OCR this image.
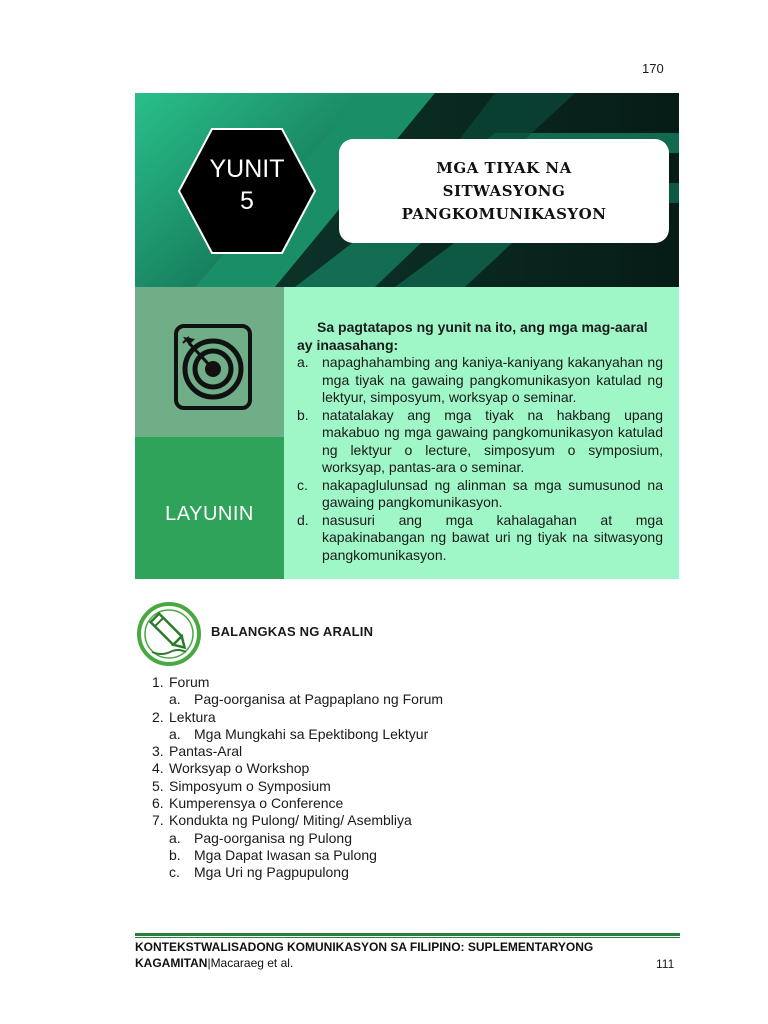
170
YUNIT
5
MGA TIYAK NA
SITWASYONG
PANGKOMUNIKASYON
LAYUNIN

Sa pagtatapos ng yunit na ito, ang mga mag-aaral ay inaasahang:

a. napaghahambing ang kaniya-kaniyang kakanyahan ng mga tiyak na gawaing pangkomunikasyon katulad ng lektyur, simposyum, worksyap o seminar.
b. natatalakay ang mga tiyak na hakbang upang makabuo ng mga gawaing pangkomunikasyon katulad ng lektyur o lecture, simposyum o symposium, worksyap, pantas-ara o seminar.
c. nakapaglulunsad ng alinman sa mga sumusunod na gawaing pangkomunikasyon.
d. nasusuri ang mga kahalagahan at mga kapakinabangan ng bawat uri ng tiyak na sitwasyong pangkomunikasyon.
BALANGKAS NG ARALIN
1. Forum
a. Pag-oorganisa at Pagpaplano ng Forum
2. Lektura
a. Mga Mungkahi sa Epektibong Lektyur
3. Pantas-Aral
4. Worksyap o Workshop
5. Simposyum o Symposium
6. Kumperensya o Conference
7. Kondukta ng Pulong/ Miting/ Asembliya
a. Pag-oorganisa ng Pulong
b. Mga Dapat Iwasan sa Pulong
c. Mga Uri ng Pagpupulong
KONTEKSTWALISADONG KOMUNIKASYON SA FILIPINO: SUPLEMENTARYONG
KAGAMITAN|Macaraeg et al.	111
